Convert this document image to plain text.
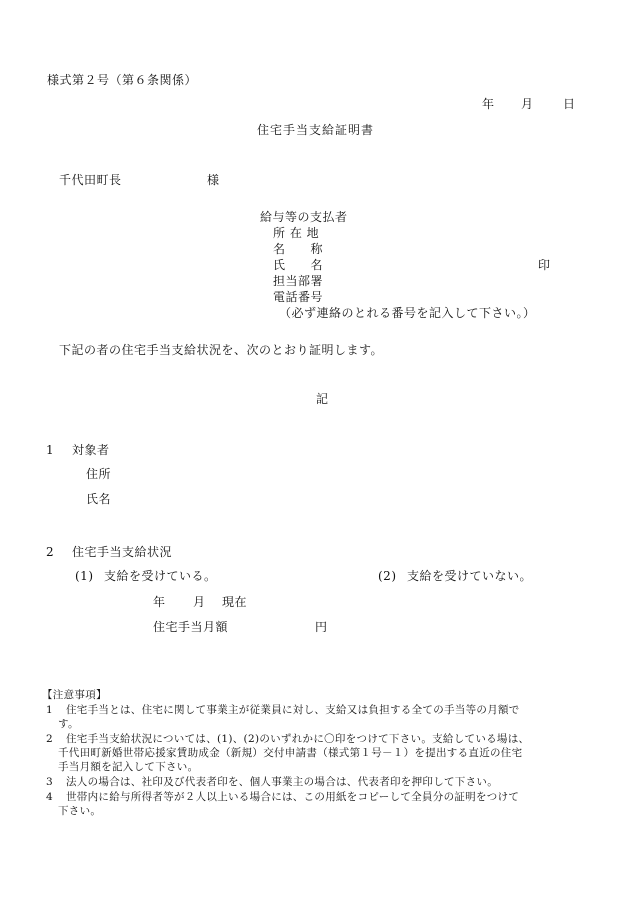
様式第２号（第６条関係）
年 月 日
住宅手当支給証明書
千代田町長	様
給与等の支払者
所 在 地
名　　称
氏　　名	印
担当部署
電話番号
（必ず連絡のとれる番号を記入して下さい。）
下記の者の住宅手当支給状況を、次のとおり証明します。
記
1 対象者
住所
氏名
2 住宅手当支給状況
(1) 支給を受けている。	(2) 支給を受けていない。
年 月 現在
住宅手当月額	円
【注意事項】
1 住宅手当とは、住宅に関して事業主が従業員に対し、支給又は負担する全ての手当等の月額で
す。
2 住宅手当支給状況については、(1)、(2)のいずれかに〇印をつけて下さい。支給している場は、
千代田町新婚世帯応援家賃助成金（新規）交付申請書（様式第１号－１）を提出する直近の住宅
手当月額を記入して下さい。
3 法人の場合は、社印及び代表者印を、個人事業主の場合は、代表者印を押印して下さい。
4 世帯内に給与所得者等が２人以上いる場合には、この用紙をコピーして全員分の証明をつけて
下さい。
